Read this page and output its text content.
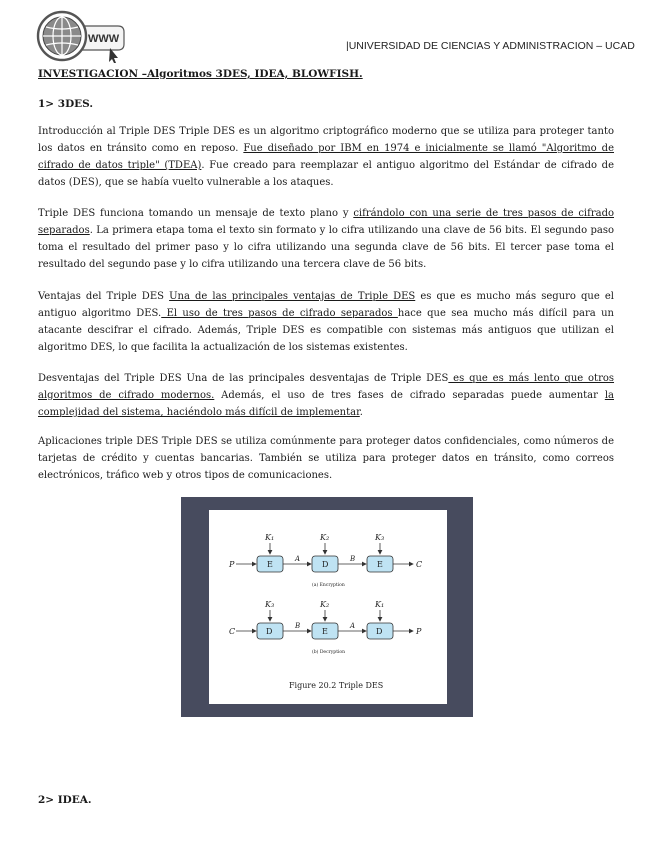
WWW
|UNIVERSIDAD DE CIENCIAS Y ADMINISTRACION – UCAD
INVESTIGACION –Algoritmos 3DES, IDEA, BLOWFISH.
1> 3DES.

Introducción al Triple DES Triple DES es un algoritmo criptográfico moderno que se utiliza para proteger tanto los datos en tránsito como en reposo. Fue diseñado por IBM en 1974 e inicialmente se llamó "Algoritmo de cifrado de datos triple" (TDEA). Fue creado para reemplazar el antiguo algoritmo del Estándar de cifrado de datos (DES), que se había vuelto vulnerable a los ataques.

Triple DES funciona tomando un mensaje de texto plano y cifrándolo con una serie de tres pasos de cifrado separados. La primera etapa toma el texto sin formato y lo cifra utilizando una clave de 56 bits. El segundo paso toma el resultado del primer paso y lo cifra utilizando una segunda clave de 56 bits. El tercer pase toma el resultado del segundo pase y lo cifra utilizando una tercera clave de 56 bits.

Ventajas del Triple DES Una de las principales ventajas de Triple DES es que es mucho más seguro que el antiguo algoritmo DES. El uso de tres pasos de cifrado separados hace que sea mucho más difícil para un atacante descifrar el cifrado. Además, Triple DES es compatible con sistemas más antiguos que utilizan el algoritmo DES, lo que facilita la actualización de los sistemas existentes.

Desventajas del Triple DES Una de las principales desventajas de Triple DES es que es más lento que otros algoritmos de cifrado modernos. Además, el uso de tres fases de cifrado separadas puede aumentar la complejidad del sistema, haciéndolo más difícil de implementar.

Aplicaciones triple DES Triple DES se utiliza comúnmente para proteger datos confidenciales, como números de tarjetas de crédito y cuentas bancarias. También se utiliza para proteger datos en tránsito, como correos electrónicos, tráfico web y otros tipos de comunicaciones.

K₁	K₂	K₃
P	E
A
D
B
E	C
(a) Encryption
K₃	K₂	K₁
C	D
B
E
A
D	P
(b) Decryption
Figure 20.2 Triple DES
2> IDEA.
